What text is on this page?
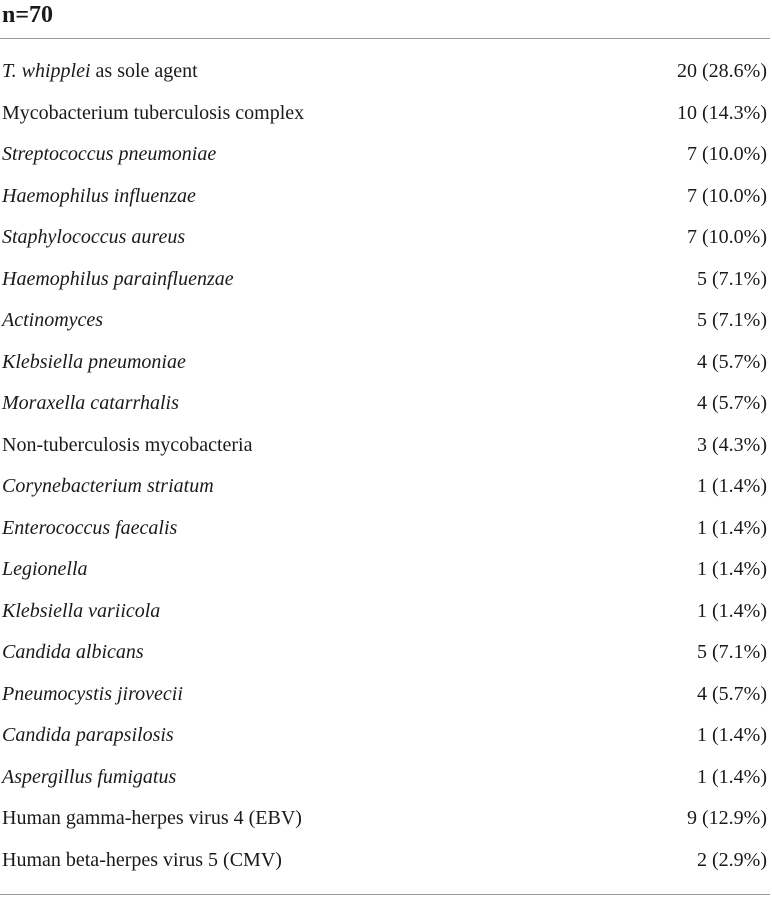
n=70
T. whipplei as sole agent	20 (28.6%)
Mycobacterium tuberculosis complex	10 (14.3%)
Streptococcus pneumoniae	7 (10.0%)
Haemophilus influenzae	7 (10.0%)
Staphylococcus aureus	7 (10.0%)
Haemophilus parainfluenzae	5 (7.1%)
Actinomyces	5 (7.1%)
Klebsiella pneumoniae	4 (5.7%)
Moraxella catarrhalis	4 (5.7%)
Non-tuberculosis mycobacteria	3 (4.3%)
Corynebacterium striatum	1 (1.4%)
Enterococcus faecalis	1 (1.4%)
Legionella	1 (1.4%)
Klebsiella variicola	1 (1.4%)
Candida albicans	5 (7.1%)
Pneumocystis jirovecii	4 (5.7%)
Candida parapsilosis	1 (1.4%)
Aspergillus fumigatus	1 (1.4%)
Human gamma-herpes virus 4 (EBV)	9 (12.9%)
Human beta-herpes virus 5 (CMV)	2 (2.9%)
